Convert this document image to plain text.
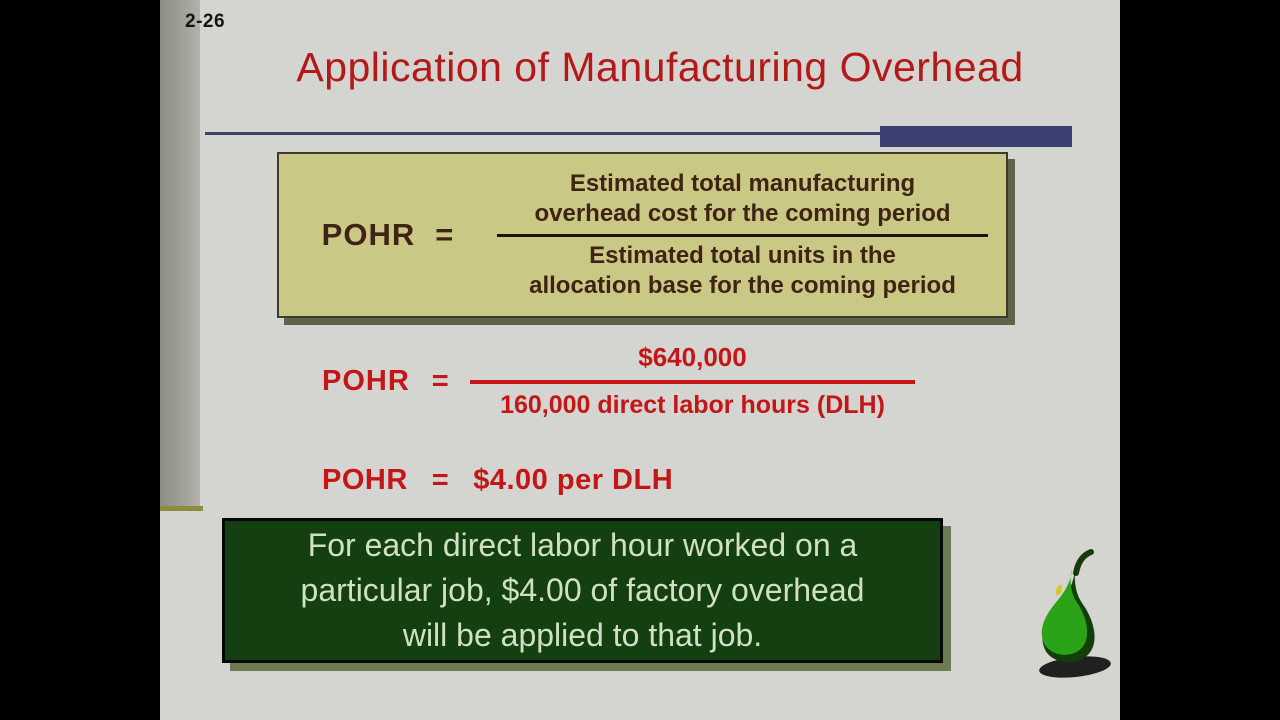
2-26
Application of Manufacturing Overhead
POHR =
Estimated total manufacturing
overhead cost for the coming period
Estimated total units in the
allocation base for the coming period
POHR = $\frac{\$640,000}{\text{160,000 direct labor hours (DLH)}}$
POHR = $4.00 per DLH
For each direct labor hour worked on a
particular job, $4.00 of factory overhead
will be applied to that job.
